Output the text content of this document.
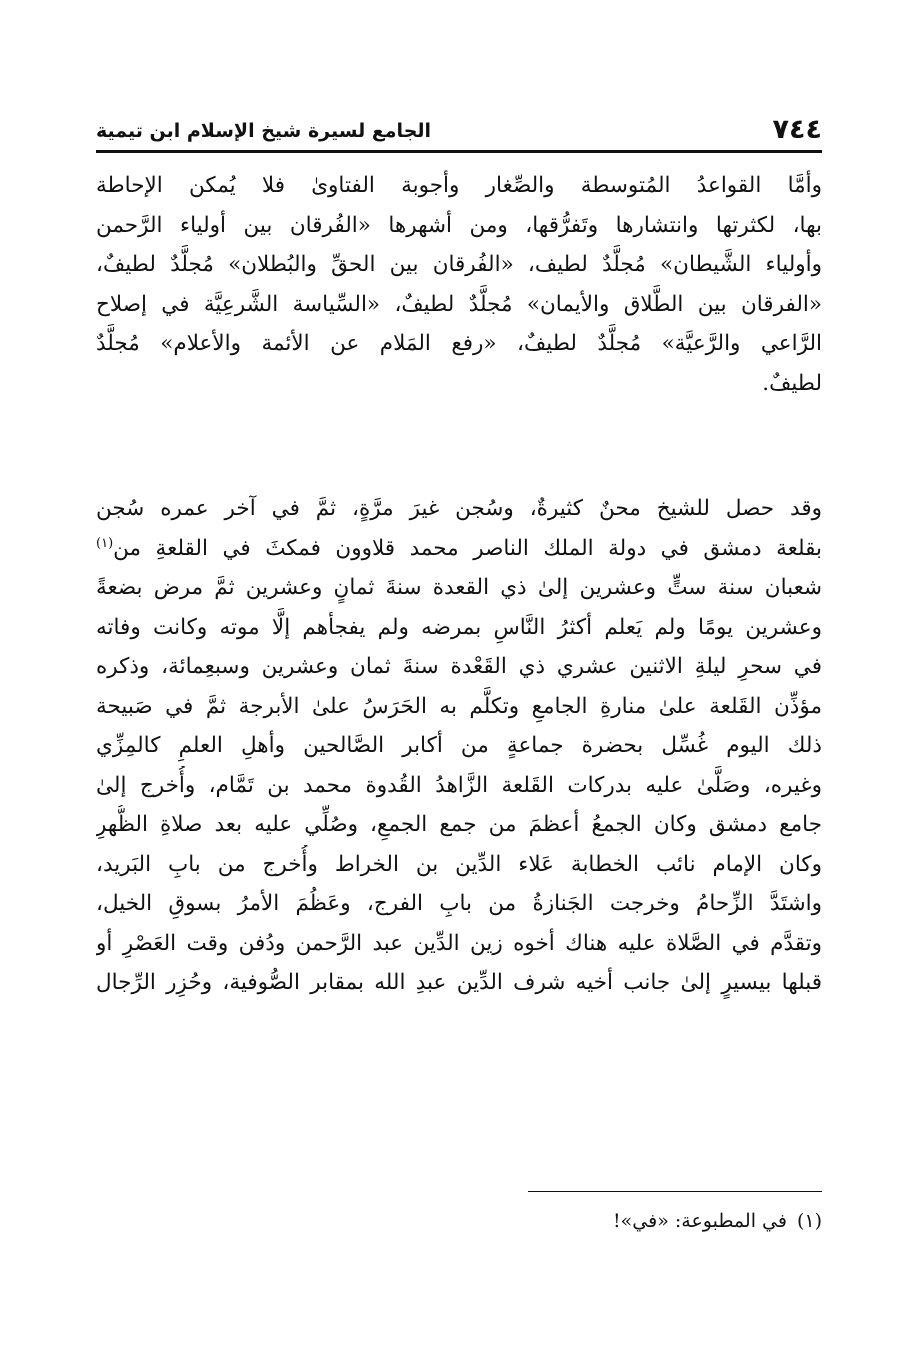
٧٤٤
الجامع لسيرة شيخ الإسلام ابن تيمية
وأمَّا القواعدُ المُتوسطة والصِّغار وأجوبة الفتاوىٰ فلا يُمكن الإحاطة
بها، لكثرتها وانتشارها وتَفرُّقها، ومن أشهرها «الفُرقان بين أولياء الرَّحمن
وأولياء الشَّيطان» مُجلَّدٌ لطيف، «الفُرقان بين الحقِّ والبُطلان» مُجلَّدٌ لطيفٌ،
«الفرقان بين الطَّلاق والأيمان» مُجلَّدٌ لطيفٌ، «السِّياسة الشَّرعِيَّة في إصلاح
الرَّاعي والرَّعيَّة» مُجلَّدٌ لطيفٌ، «رفع المَلام عن الأئمة والأعلام» مُجلَّدٌ
لطيفٌ.
وقد حصل للشيخ محنٌ كثيرةٌ، وسُجن غيرَ مرَّةٍ، ثمَّ في آخر عمره سُجن
بقلعة دمشق في دولة الملك الناصر محمد قلاوون فمكثَ في القلعةِ من$^{(١)}$
شعبان سنة ستٍّ وعشرين إلىٰ ذي القعدة سنةَ ثمانٍ وعشرين ثمَّ مرض بضعةً
وعشرين يومًا ولم يَعلم أكثرُ النَّاسِ بمرضه ولم يفجأهم إلَّا موته وكانت وفاته
في سحرِ ليلةِ الاثنين عشري ذي القَعْدة سنةَ ثمان وعشرين وسبعِمائة، وذكره
مؤذِّن القَلعة علىٰ منارةِ الجامعِ وتكلَّم به الحَرَسُ علىٰ الأبرجة ثمَّ في صَبيحة
ذلك اليوم غُسِّل بحضرة جماعةٍ من أكابر الصَّالحين وأهلِ العلمِ كالمِزِّي
وغيره، وصَلَّىٰ عليه بدركات القَلعة الزَّاهدُ القُدوة محمد بن تَمَّام، وأُخرج إلىٰ
جامع دمشق وكان الجمعُ أعظمَ من جمع الجمعِ، وصُلِّي عليه بعد صلاةِ الظُّهرِ
وكان الإمام نائب الخطابة عَلاء الدِّين بن الخراط وأُخرج من بابِ البَريد،
واشتَدَّ الزِّحامُ وخرجت الجَنازةُ من بابِ الفرج، وعَظُمَ الأمرُ بسوقِ الخيل،
وتقدَّم في الصَّلاة عليه هناك أخوه زين الدِّين عبد الرَّحمن ودُفن وقت العَصْرِ أو
قبلها بيسيرٍ إلىٰ جانب أخيه شرف الدِّين عبدِ الله بمقابر الصُّوفية، وحُزِر الرِّجال
(١)في المطبوعة: «في»!
